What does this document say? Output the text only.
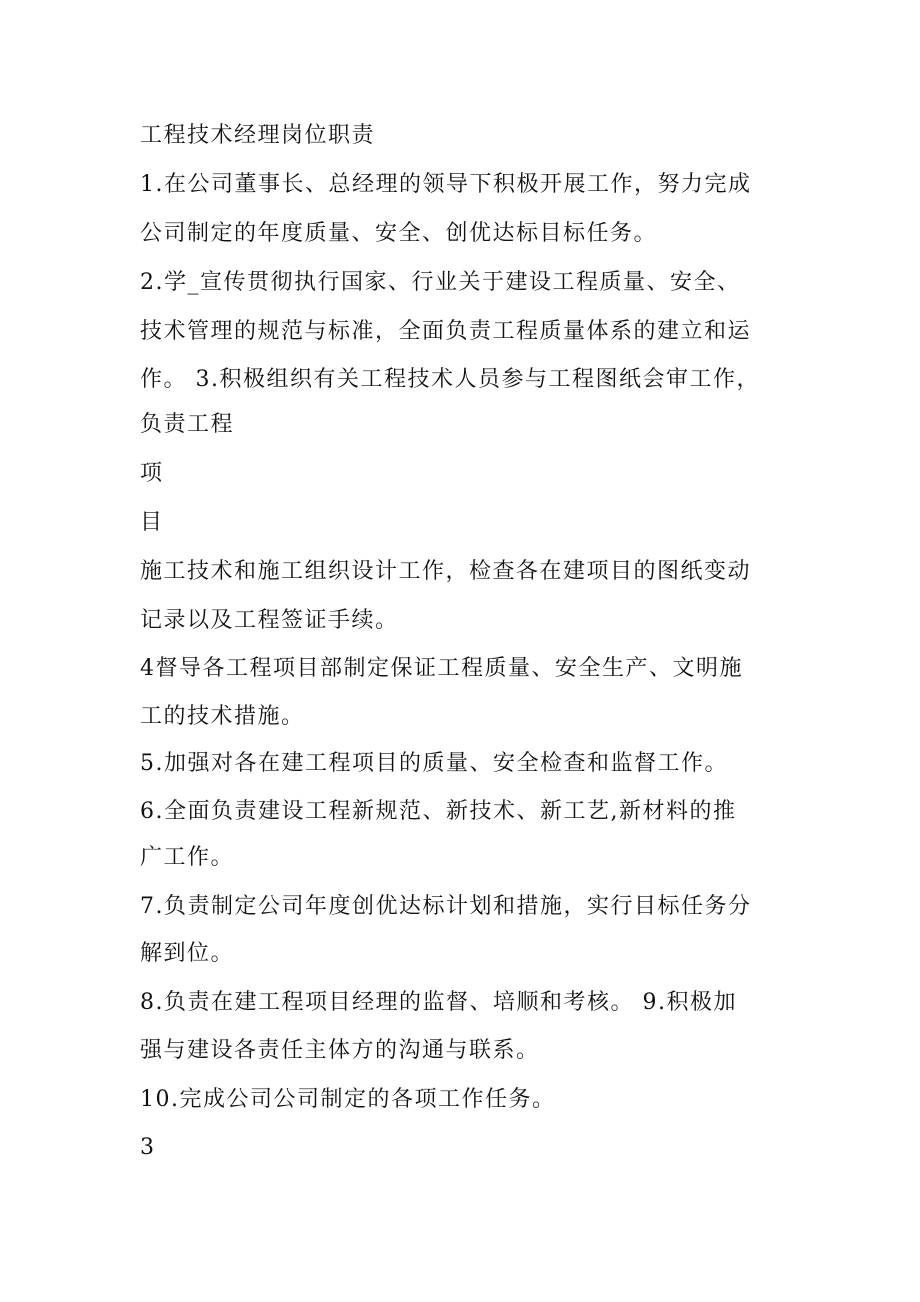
工程技术经理岗位职责
1.在公司董事长、总经理的领导下积极开展工作，努力完成
公司制定的年度质量、安全、创优达标目标任务。
2.学_宣传贯彻执行国家、行业关于建设工程质量、安全、
技术管理的规范与标准，全面负责工程质量体系的建立和运
作。 3.积极组织有关工程技术人员参与工程图纸会审工作，
负责工程
项
目
施工技术和施工组织设计工作，检查各在建项目的图纸变动
记录以及工程签证手续。
4督导各工程项目部制定保证工程质量、安全生产、文明施
工的技术措施。
5.加强对各在建工程项目的质量、安全检查和监督工作。
6.全面负责建设工程新规范、新技术、新工艺,新材料的推
广工作。
7.负责制定公司年度创优达标计划和措施，实行目标任务分
解到位。
8.负责在建工程项目经理的监督、培顺和考核。 9.积极加
强与建设各责任主体方的沟通与联系。
10.完成公司公司制定的各项工作任务。
3
